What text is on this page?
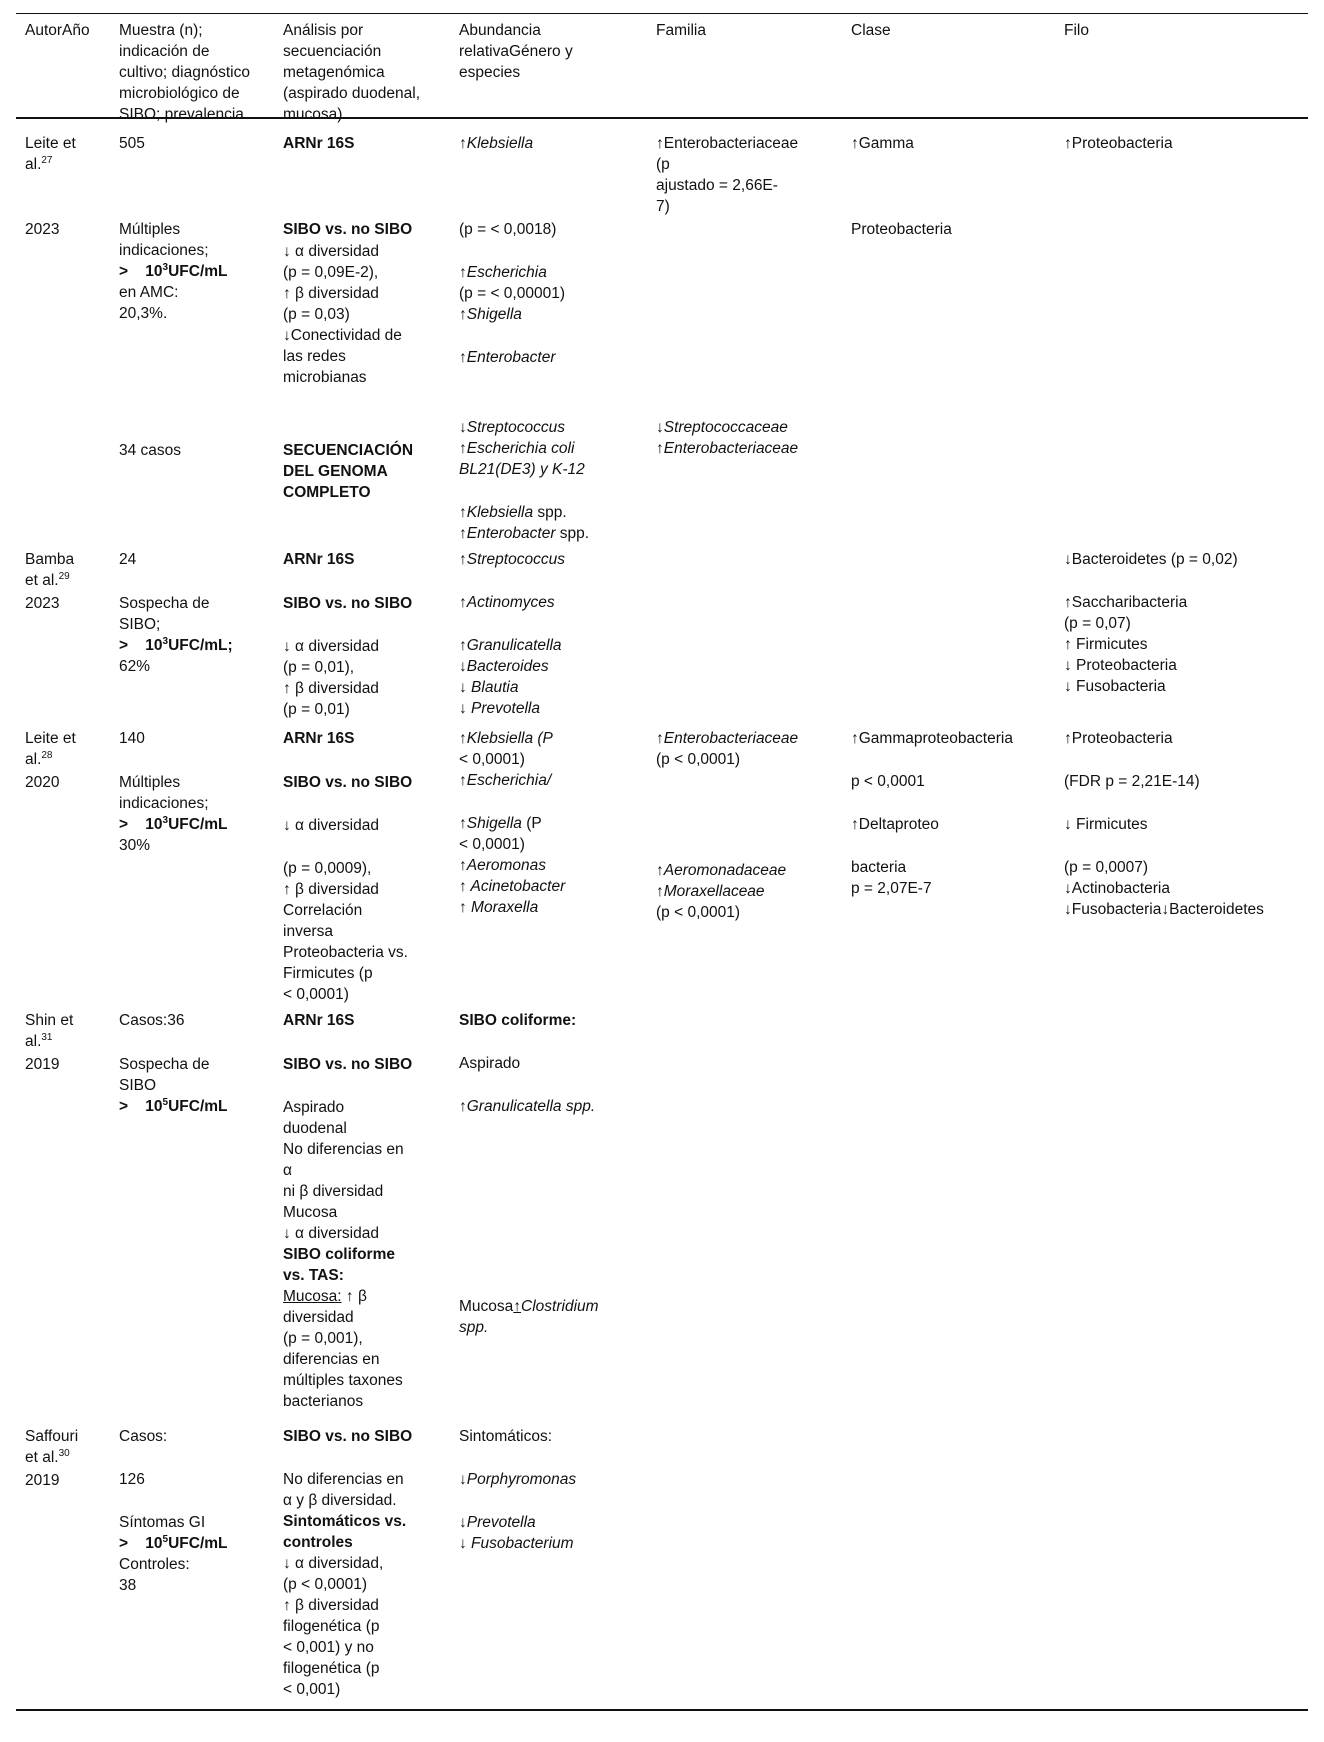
AutorAño Muestra (n);
indicación de
cultivo; diagnóstico
microbiológico de
SIBO; prevalencia
Análisis por
secuenciación
metagenómica
(aspirado duodenal,
mucosa)
Abundancia
relativaGénero y
especies
Familia	Clase	Filo
Leite et
al.$^{27}$
2023
505
Múltiples
indicaciones;
> $10^3UFC/mL$
en AMC:
20,3%.
34 casos
ARNr 16S
SIBO vs. no SIBO
↓ α diversidad
(p = 0,09E-2),
↑ β diversidad
(p = 0,03)
↓Conectividad de
las redes
microbianas
SECUENCIACIÓN
DEL GENOMA
COMPLETO
↑Klebsiella
(p = < 0,0018)
↑Escherichia
(p = < 0,00001)
↑Shigella
↑Enterobacter
↓Streptococcus
↑Escherichia coli
BL21(DE3) y K-12
↑Klebsiella spp.
↑Enterobacter spp.
↑Enterobacteriaceae
(p
ajustado = 2,66E-
7)
↓Streptococcaceae
↑Enterobacteriaceae
↑Gamma
Proteobacteria
↑Proteobacteria
Bamba
et al.$^{29}$
2023
24
Sospecha de
SIBO;
> $10^3UFC/mL$;
62%
ARNr 16S
SIBO vs. no SIBO
↓ α diversidad
(p = 0,01),
↑ β diversidad
(p = 0,01)
↑Streptococcus
↑Actinomyces
↑Granulicatella
↓Bacteroides
↓ Blautia
↓ Prevotella
↓Bacteroidetes (p = 0,02)
↑Saccharibacteria
(p = 0,07)
↑ Firmicutes
↓ Proteobacteria
↓ Fusobacteria
Leite et
al.$^{28}$
2020
140
Múltiples
indicaciones;
> $10^3UFC/mL$
30%
ARNr 16S
SIBO vs. no SIBO
↓ α diversidad
(p = 0,0009),
↑ β diversidad
Correlación
inversa
Proteobacteria vs.
Firmicutes (p
< 0,0001)
↑Klebsiella (P
< 0,0001)
↑Escherichia/
↑Shigella (P
< 0,0001)
↑Aeromonas
↑ Acinetobacter
↑ Moraxella
↑Enterobacteriaceae
(p < 0,0001)
↑Aeromonadaceae
↑Moraxellaceae
(p < 0,0001)
↑Gammaproteobacteria
p < 0,0001
↑Deltaproteo
bacteria
p = 2,07E-7
↑Proteobacteria
(FDR p = 2,21E-14)
↓ Firmicutes
(p = 0,0007)
↓Actinobacteria
↓Fusobacteria↓Bacteroidetes
Shin et
al.$^{31}$
2019
Casos:36
Sospecha de
SIBO
> $10^5UFC/mL$
ARNr 16S
SIBO vs. no SIBO
Aspirado
duodenal
No diferencias en
α
ni β diversidad
Mucosa
↓ α diversidad
SIBO coliforme
vs. TAS:
Mucosa: ↑ β
diversidad
(p = 0,001),
diferencias en
múltiples taxones
bacterianos
SIBO coliforme:
Aspirado
↑Granulicatella spp.
Mucosa↑Clostridium
spp.
Saffouri
et al.$^{30}$
2019
Casos:
126
Síntomas GI
> $10^5UFC/mL$
Controles:
38
SIBO vs. no SIBO
No diferencias en
α y β diversidad.
Sintomáticos vs.
controles
↓ α diversidad,
(p < 0,0001)
↑ β diversidad
filogenética (p
< 0,001) y no
filogenética (p
< 0,001)
Sintomáticos:
↓Porphyromonas
↓Prevotella
↓ Fusobacterium
